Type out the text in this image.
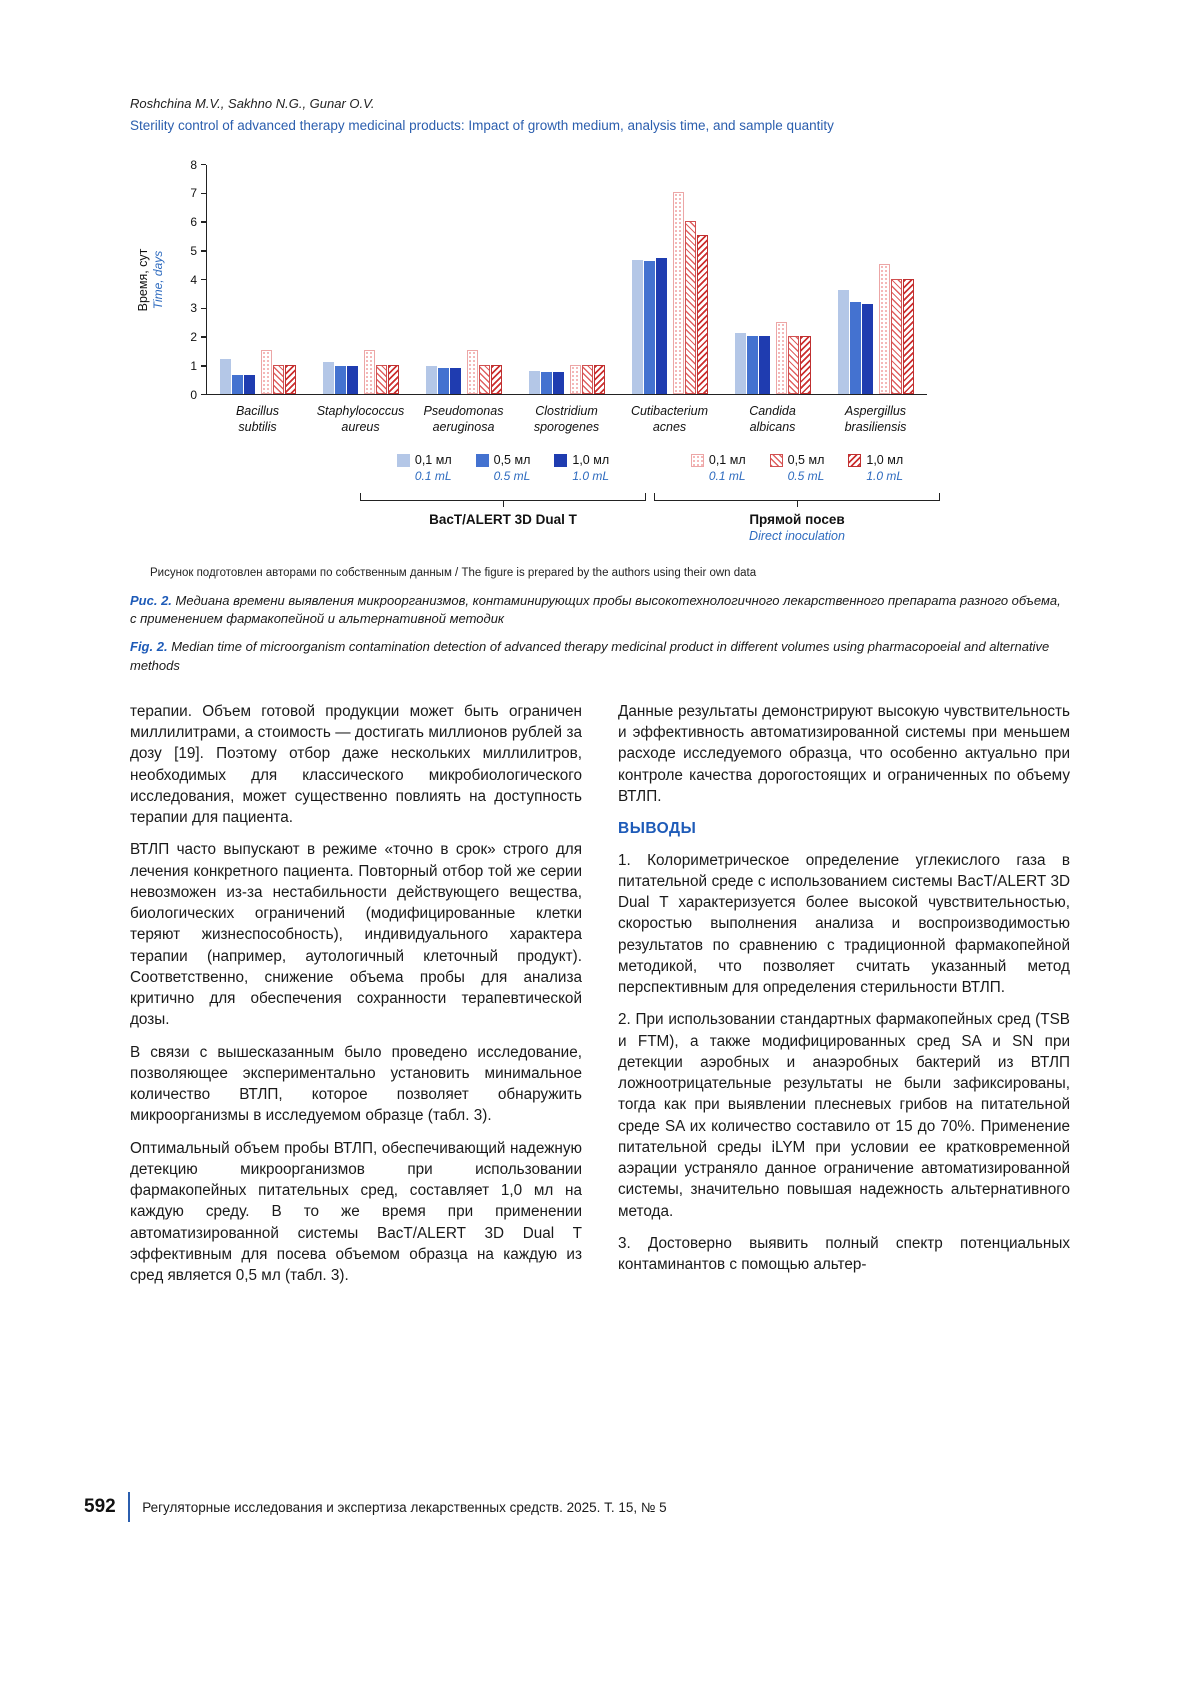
Roshchina M.V., Sakhno N.G., Gunar O.V.
Sterility control of advanced therapy medicinal products: Impact of growth medium, analysis time, and sample quantity
Время, сут Time, days
0
1
2
3
4
5
6
7
8
Bacillus
subtilis
Staphylococcus
aureus
Pseudomonas
aeruginosa
Clostridium
sporogenes
Cutibacterium
acnes
Candida
albicans
Aspergillus
brasiliensis
0,1 мл
0.1 mL
0,5 мл
0.5 mL
1,0 мл
1.0 mL
BacT/ALERT 3D Dual T
0,1 мл
0.1 mL
0,5 мл
0.5 mL
1,0 мл
1.0 mL
Прямой посев
Direct inoculation
Рисунок подготовлен авторами по собственным данным / The figure is prepared by the authors using their own data
Рис. 2. Медиана времени выявления микроорганизмов, контаминирующих пробы высокотехнологичного лекарственного препарата разного объема, с применением фармакопейной и альтернативной методик
Fig. 2. Median time of microorganism contamination detection of advanced therapy medicinal product in different volumes using pharmacopoeial and alternative methods

терапии. Объем готовой продукции может быть ограничен миллилитрами, а стоимость — достигать миллионов рублей за дозу [19]. Поэтому отбор даже нескольких миллилитров, необходимых для классического микробиологического исследования, может существенно повлиять на доступность терапии для пациента.

ВТЛП часто выпускают в режиме «точно в срок» строго для лечения конкретного пациента. Повторный отбор той же серии невозможен из-за нестабильности действующего вещества, биологических ограничений (модифицированные клетки теряют жизнеспособность), индивидуального характера терапии (например, аутологичный клеточный продукт). Соответственно, снижение объема пробы для анализа критично для обеспечения сохранности терапевтической дозы.

В связи с вышесказанным было проведено исследование, позволяющее экспериментально установить минимальное количество ВТЛП, которое позволяет обнаружить микроорганизмы в исследуемом образце (табл. 3).

Оптимальный объем пробы ВТЛП, обеспечивающий надежную детекцию микроорганизмов при использовании фармакопейных питательных сред, составляет 1,0 мл на каждую среду. В то же время при применении автоматизированной системы BacT/ALERT 3D Dual T эффективным для посева объемом образца на каждую из сред является 0,5 мл (табл. 3).

Данные результаты демонстрируют высокую чувствительность и эффективность автоматизированной системы при меньшем расходе исследуемого образца, что особенно актуально при контроле качества дорогостоящих и ограниченных по объему ВТЛП.

ВЫВОДЫ

1. Колориметрическое определение углекислого газа в питательной среде с использованием системы BacT/ALERT 3D Dual T характеризуется более высокой чувствительностью, скоростью выполнения анализа и воспроизводимостью результатов по сравнению с традиционной фармакопейной методикой, что позволяет считать указанный метод перспективным для определения стерильности ВТЛП.

2. При использовании стандартных фармакопейных сред (TSB и FTM), а также модифицированных сред SA и SN при детекции аэробных и анаэробных бактерий из ВТЛП ложноотрицательные результаты не были зафиксированы, тогда как при выявлении плесневых грибов на питательной среде SA их количество составило от 15 до 70%. Применение питательной среды iLYM при условии ее кратковременной аэрации устраняло данное ограничение автоматизированной системы, значительно повышая надежность альтернативного метода.

3. Достоверно выявить полный спектр потенциальных контаминантов с помощью альтер-

592 Регуляторные исследования и экспертиза лекарственных средств. 2025. Т. 15, № 5
